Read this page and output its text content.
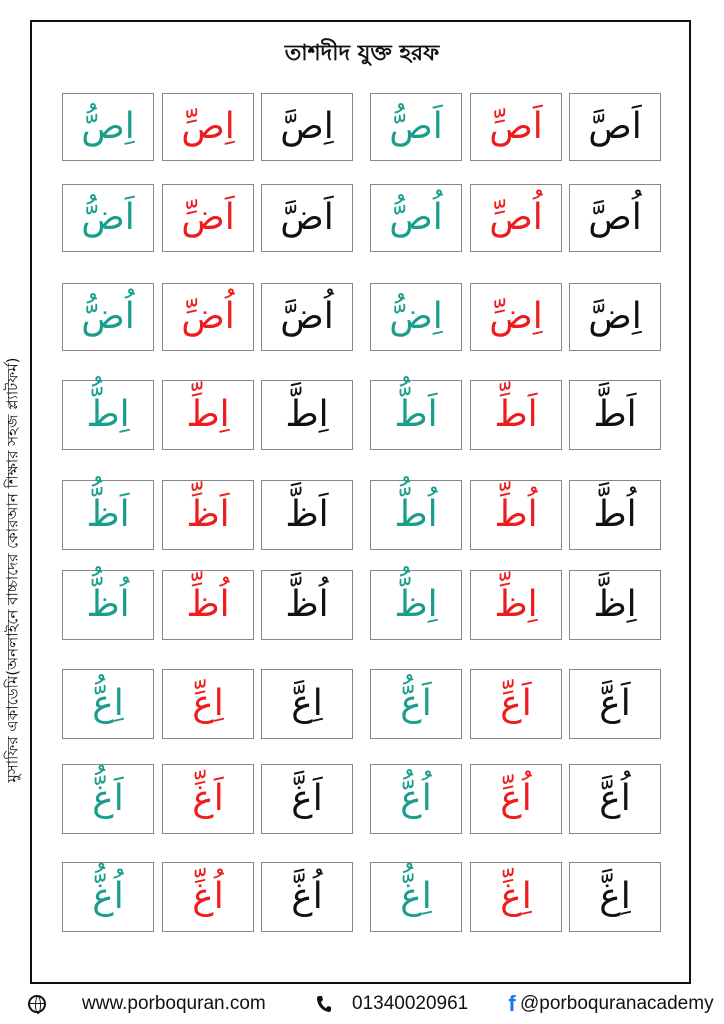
তাশদীদ যুক্ত হরফ
মুসাফির একাডেমি(অনলাইনে বাচ্চাদের কোরআন শিক্ষার সহজ প্ল্যাটফর্ম)
اَصَّ
اَصِّ
اَصُّ
اِصَّ
اِصِّ
اِصُّ
اُصَّ
اُصِّ
اُصُّ
اَضَّ
اَضِّ
اَضُّ
اِضَّ
اِضِّ
اِضُّ
اُضَّ
اُضِّ
اُضُّ
اَطَّ
اَطِّ
اَطُّ
اِطَّ
اِطِّ
اِطُّ
اُطَّ
اُطِّ
اُطُّ
اَظَّ
اَظِّ
اَظُّ
اِظَّ
اِظِّ
اِظُّ
اُظَّ
اُظِّ
اُظُّ
اَعَّ
اَعِّ
اَعُّ
اِعَّ
اِعِّ
اِعُّ
اُعَّ
اُعِّ
اُعُّ
اَغَّ
اَغِّ
اَغُّ
اِغَّ
اِغِّ
اِغُّ
اُغَّ
اُغِّ
اُغُّ
www.porboquran.com	01340020961 f @porboquranacademy
